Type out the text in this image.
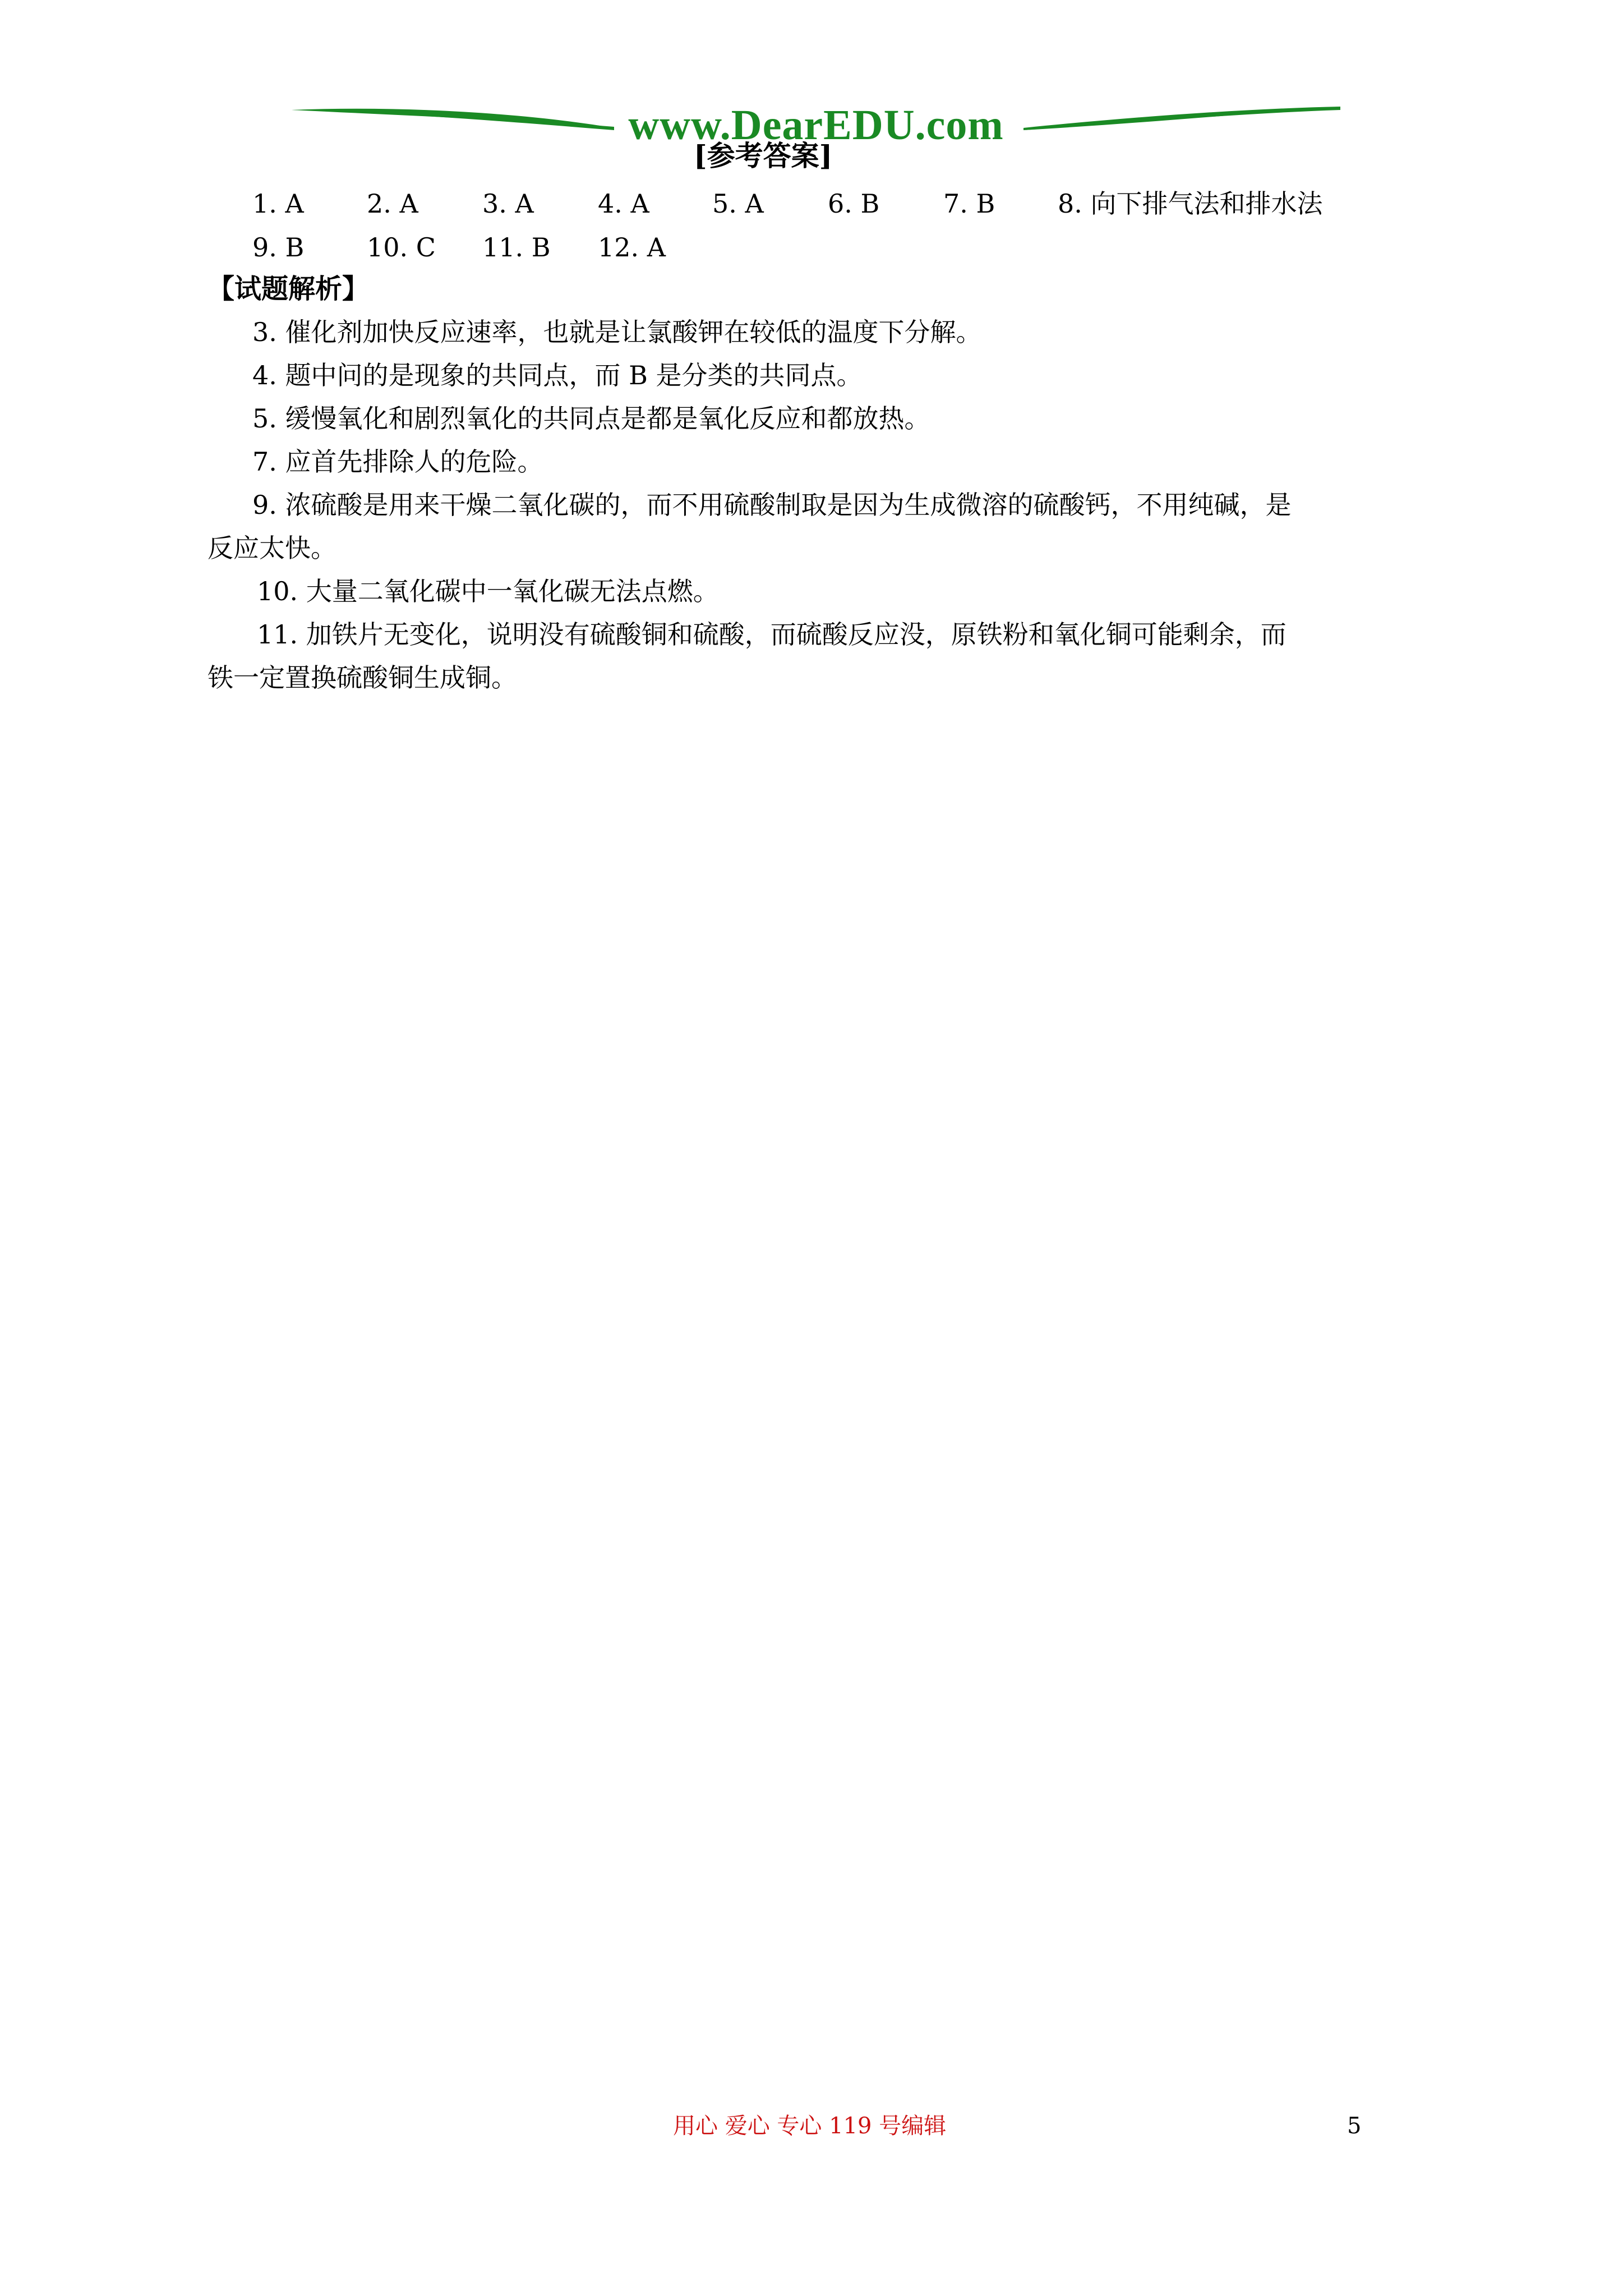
www.DearEDU.com
[参考答案]
1. A 2. A 3. A 4. A 5. A 6. B 7. B 8. 向下排气法和排水法
9. B 10. C 11. B 12. A
【试题解析】
3. 催化剂加快反应速率，也就是让氯酸钾在较低的温度下分解。
4. 题中问的是现象的共同点，而 B 是分类的共同点。
5. 缓慢氧化和剧烈氧化的共同点是都是氧化反应和都放热。
7. 应首先排除人的危险。
9. 浓硫酸是用来干燥二氧化碳的，而不用硫酸制取是因为生成微溶的硫酸钙，不用纯碱，是
反应太快。
10. 大量二氧化碳中一氧化碳无法点燃。
11. 加铁片无变化，说明没有硫酸铜和硫酸，而硫酸反应没，原铁粉和氧化铜可能剩余，而
铁一定置换硫酸铜生成铜。
用心 爱心 专心 119 号编辑	5
